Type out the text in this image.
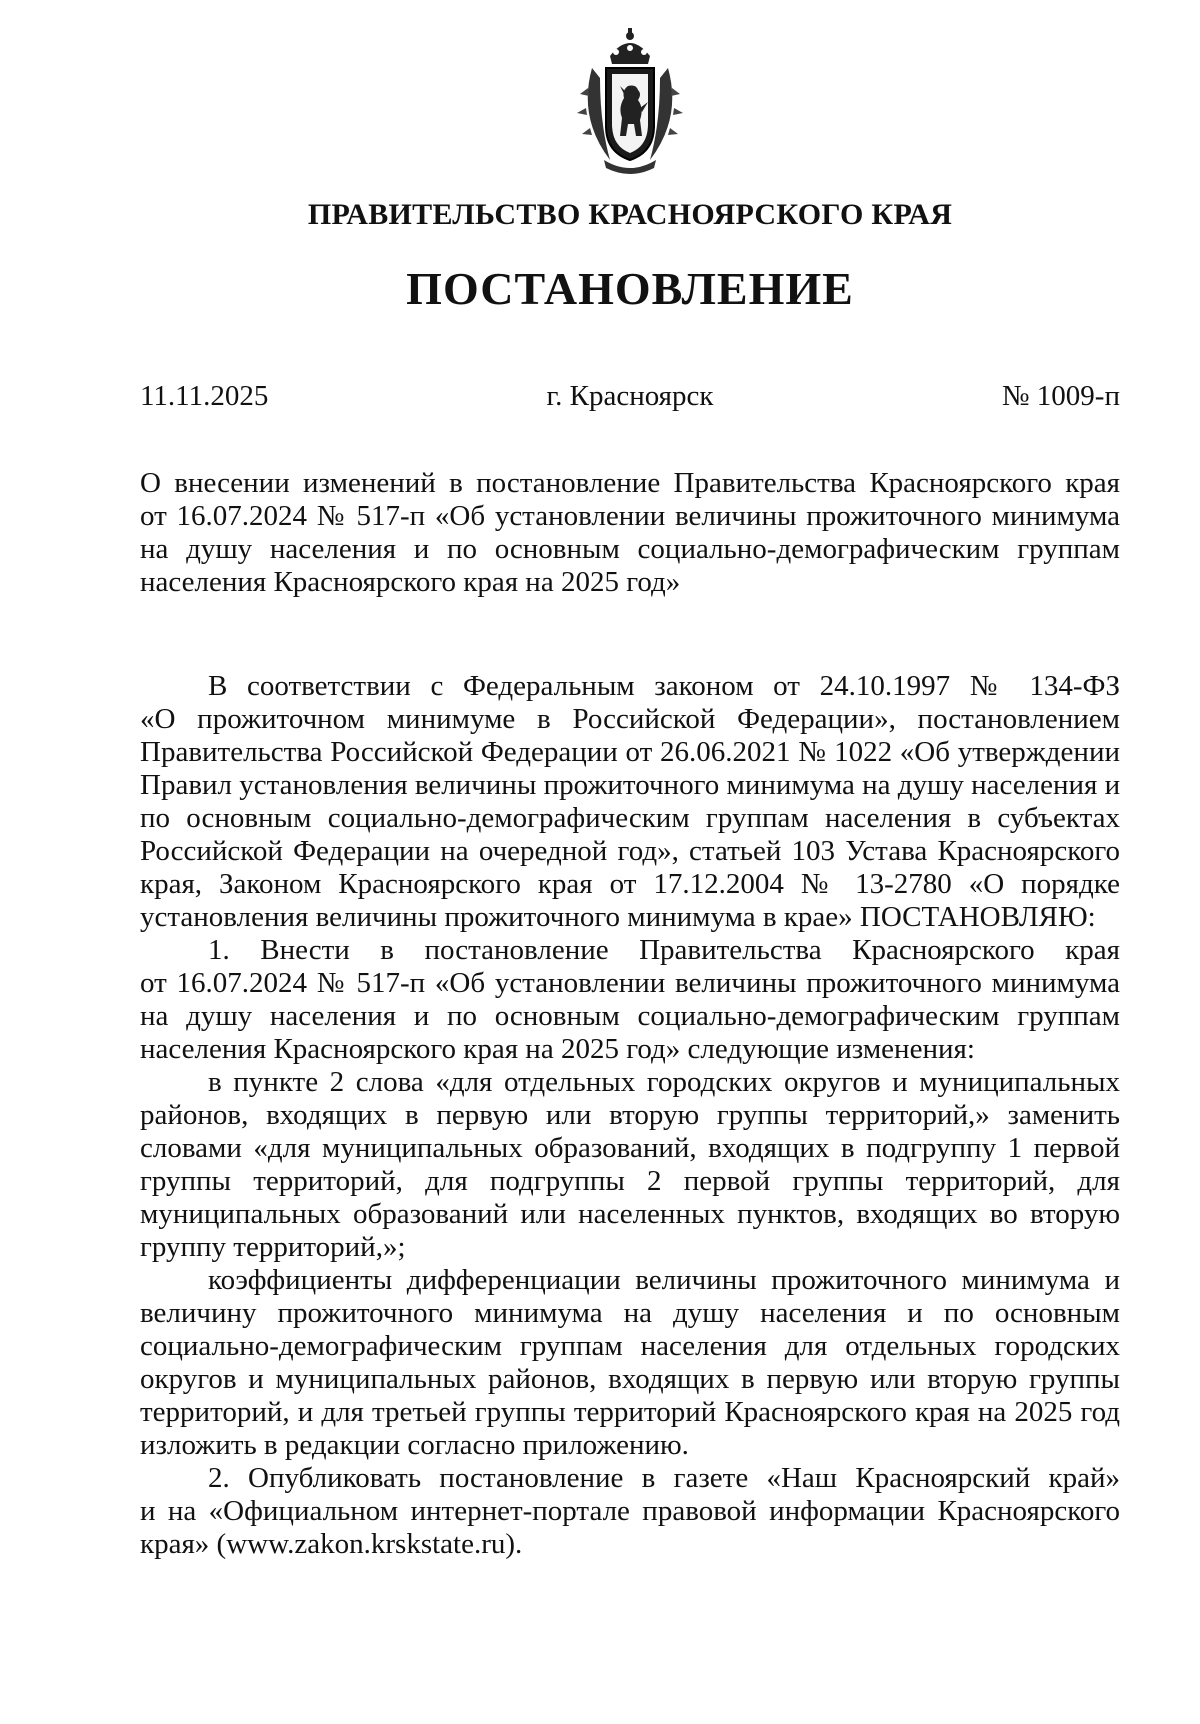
ПРАВИТЕЛЬСТВО КРАСНОЯРСКОГО КРАЯ
ПОСТАНОВЛЕНИЕ
11.11.2025	г. Красноярск	№ 1009-п
О внесении изменений в постановление Правительства Красноярского края
от 16.07.2024 № 517-п «Об установлении величины прожиточного минимума
на душу населения и по основным социально-демографическим группам
населения Красноярского края на 2025 год»
В соответствии с Федеральным законом от 24.10.1997 № 134-ФЗ
«О прожиточном минимуме в Российской Федерации», постановлением
Правительства Российской Федерации от 26.06.2021 № 1022 «Об утверждении
Правил установления величины прожиточного минимума на душу населения и
по основным социально-демографическим группам населения в субъектах
Российской Федерации на очередной год», статьей 103 Устава Красноярского
края, Законом Красноярского края от 17.12.2004 № 13-2780 «О порядке
установления величины прожиточного минимума в крае» ПОСТАНОВЛЯЮ:
1. Внести в постановление Правительства Красноярского края
от 16.07.2024 № 517-п «Об установлении величины прожиточного минимума
на душу населения и по основным социально-демографическим группам
населения Красноярского края на 2025 год» следующие изменения:
в пункте 2 слова «для отдельных городских округов и муниципальных
районов, входящих в первую или вторую группы территорий,» заменить
словами «для муниципальных образований, входящих в подгруппу 1 первой
группы территорий, для подгруппы 2 первой группы территорий, для
муниципальных образований или населенных пунктов, входящих во вторую
группу территорий,»;
коэффициенты дифференциации величины прожиточного минимума и
величину прожиточного минимума на душу населения и по основным
социально-демографическим группам населения для отдельных городских
округов и муниципальных районов, входящих в первую или вторую группы
территорий, и для третьей группы территорий Красноярского края на 2025 год
изложить в редакции согласно приложению.
2. Опубликовать постановление в газете «Наш Красноярский край»
и на «Официальном интернет-портале правовой информации Красноярского
края» (www.zakon.krskstate.ru).
